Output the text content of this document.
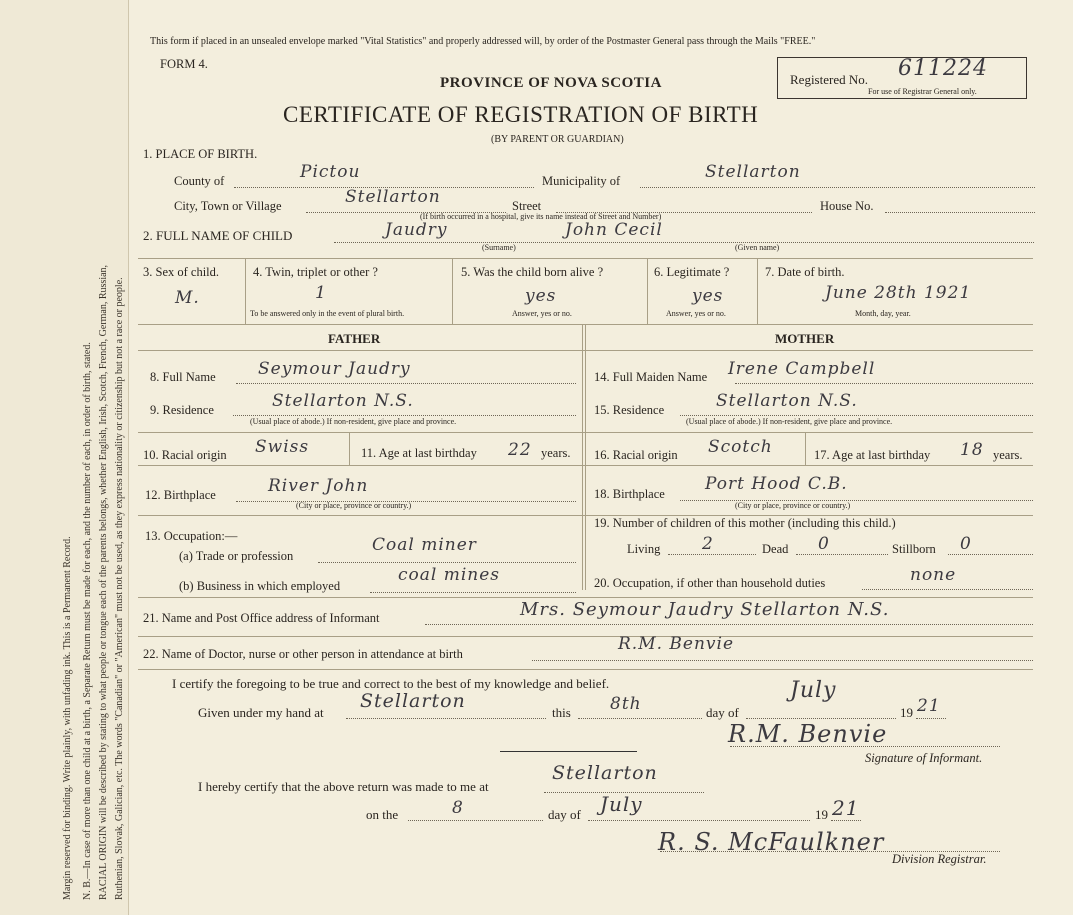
Margin reserved for binding. Write plainly, with unfading ink. This is a Permanent Record. N. B.—In case of more than one child at a birth, a Separate Return must be made for each, and the number of each, in order of birth, stated. RACIAL ORIGIN will be described by stating to what people or tongue each of the parents belongs, whether English, Irish, Scotch, French, German, Russian, Ruthenian, Slovak, Galician, etc. The words "Canadian" or "American" must not be used, as they express nationality or citizenship but not a race or people.
This form if placed in an unsealed envelope marked "Vital Statistics" and properly addressed will, by order of the Postmaster General pass through the Mails "FREE."
FORM 4.
PROVINCE OF NOVA SCOTIA
CERTIFICATE OF REGISTRATION OF BIRTH
(BY PARENT OR GUARDIAN)
Registered No. 611224
For use of Registrar General only.
1. PLACE OF BIRTH.
County of	Pictou	Municipality of	Stellarton
City, Town or Village	Stellarton	Street	House No.
(If birth occurred in a hospital, give its name instead of Street and Number)
2. FULL NAME OF CHILD	Jaudry	John Cecil
(Surname)	(Given name)
3. Sex of child.
M.
4. Twin, triplet or other ?
1
To be answered only in the event of plural birth.
5. Was the child born alive ?
yes
Answer, yes or no.
6. Legitimate ?
yes
Answer, yes or no.
7. Date of birth.
June 28th 1921
Month, day, year.
FATHER
8. Full Name Seymour Jaudry
9. Residence	Stellarton N.S.
(Usual place of abode.) If non-resident, give place and province.
10. Racial origin Swiss	11. Age at last birthday 22 years.
12. Birthplace	River John
(City or place, province or country.)
13. Occupation:—
(a) Trade or profession
Coal miner
(b) Business in which employed
coal mines
MOTHER
14. Full Maiden Name Irene Campbell
15. Residence	Stellarton N.S.
(Usual place of abode.) If non-resident, give place and province.
16. Racial origin Scotch	17. Age at last birthday 18 years.
18. Birthplace Port Hood C.B.
(City or place, province or country.)
19. Number of children of this mother (including this child.)
Living 2	Dead 0	Stillborn 0
20. Occupation, if other than household duties	none
21. Name and Post Office address of Informant	Mrs. Seymour Jaudry Stellarton N.S.
22. Name of Doctor, nurse or other person in attendance at birth	R.M. Benvie
I certify the foregoing to be true and correct to the best of my knowledge and belief.
Given under my hand at
Stellarton
this 8th	day of
July
19 21
R.M. Benvie
Signature of Informant.
I hereby certify that the above return was made to me at
Stellarton
on the	8	day of July	19 21
R. S. McFaulkner
Division Registrar.
